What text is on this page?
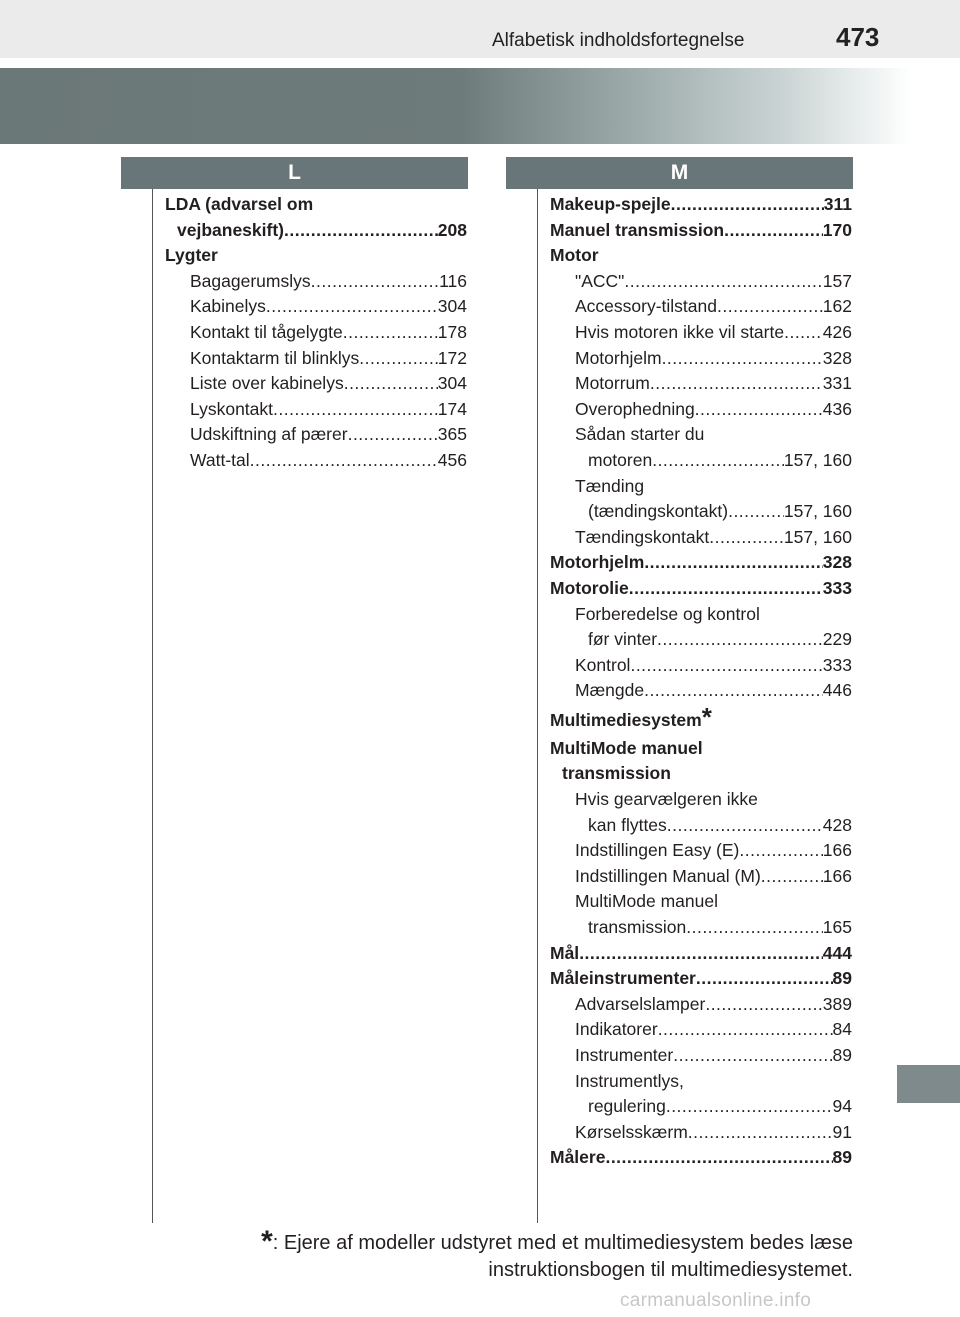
Alfabetisk indholdsfortegnelse	473
L	M
LDA (advarsel om
vejbaneskift) .....	208
Lygter
Bagagerumslys .....	116
Kabinelys .....	304
Kontakt til tågelygte .....	178
Kontaktarm til blinklys .....	172
Liste over kabinelys .....	304
Lyskontakt .....	174
Udskiftning af pærer .....	365
Watt-tal .....	456
Makeup-spejle .....	311
Manuel transmission .....	170
Motor
"ACC" .....	157
Accessory-tilstand .....	162
Hvis motoren ikke vil starte ..... 426
Motorhjelm .....	328
Motorrum .....	331
Overophedning .....	436
Sådan starter du
motoren .....	157, 160
Tænding
(tændingskontakt) .....	157, 160
Tændingskontakt .....	157, 160
Motorhjelm .....	328
Motorolie .....	333
Forberedelse og kontrol
før vinter .....	229
Kontrol .....	333
Mængde .....	446
Multimediesystem *
MultiMode manuel
transmission
Hvis gearvælgeren ikke
kan flyttes .....	428
Indstillingen Easy (E) .....	166
Indstillingen Manual (M) .....	166
MultiMode manuel
transmission .....	165
Mål .....	444
Måleinstrumenter .....	89
Advarselslamper .....	389
Indikatorer .....	84
Instrumenter .....	89
Instrumentlys,
regulering .....	94
Kørselsskærm .....	91
Målere .....	89
*: Ejere af modeller udstyret med et multimediesystem bedes læse
instruktionsbogen til multimediesystemet.
carmanualsonline.info
